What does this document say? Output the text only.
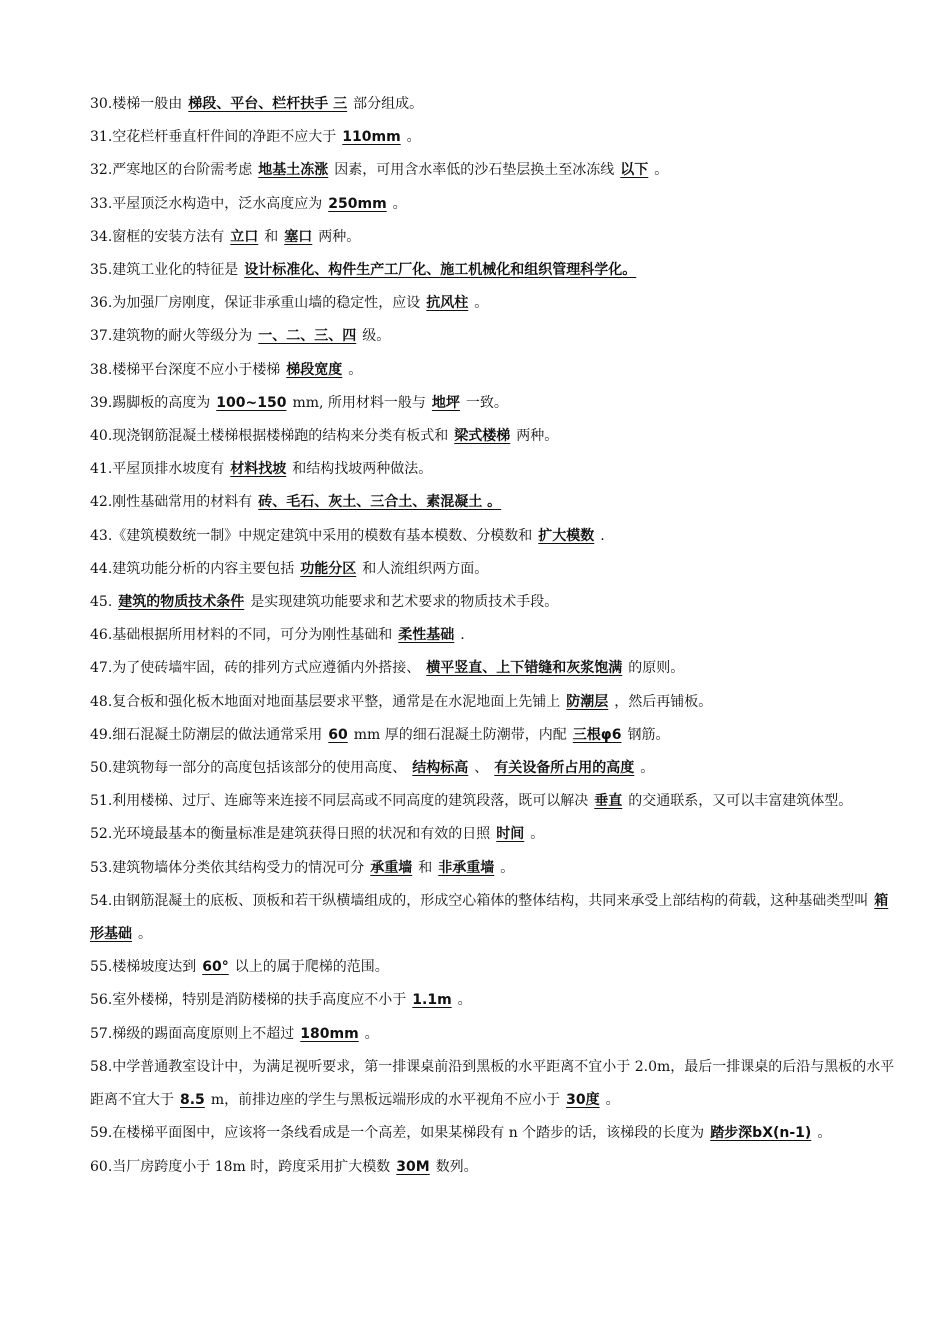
30.楼梯一般由 梯段、平台、栏杆扶手 三 部分组成。
31.空花栏杆垂直杆件间的净距不应大于 110mm 。
32.严寒地区的台阶需考虑 地基土冻涨 因素，可用含水率低的沙石垫层换土至冰冻线 以下 。
33.平屋顶泛水构造中，泛水高度应为 250mm 。
34.窗框的安装方法有 立口 和 塞口 两种。
35.建筑工业化的特征是 设计标准化、构件生产工厂化、施工机械化和组织管理科学化。
36.为加强厂房刚度，保证非承重山墙的稳定性，应设 抗风柱 。
37.建筑物的耐火等级分为 一、二、三、四 级。
38.楼梯平台深度不应小于楼梯 梯段宽度 。
39.踢脚板的高度为 100~150 mm, 所用材料一般与 地坪 一致。
40.现浇钢筋混凝土楼梯根据楼梯跑的结构来分类有板式和 梁式楼梯 两种。
41.平屋顶排水坡度有 材料找坡 和结构找坡两种做法。
42.刚性基础常用的材料有 砖、毛石、灰土、三合土、素混凝土 。
43.《建筑模数统一制》中规定建筑中采用的模数有基本模数、分模数和 扩大模数 .
44.建筑功能分析的内容主要包括 功能分区 和人流组织两方面。
45. 建筑的物质技术条件 是实现建筑功能要求和艺术要求的物质技术手段。
46.基础根据所用材料的不同，可分为刚性基础和 柔性基础 .
47.为了使砖墙牢固，砖的排列方式应遵循内外搭接、 横平竖直、上下错缝和灰浆饱满 的原则。
48.复合板和强化板木地面对地面基层要求平整，通常是在水泥地面上先铺上 防潮层 ，然后再铺板。
49.细石混凝土防潮层的做法通常采用 60 mm 厚的细石混凝土防潮带，内配 三根φ6 钢筋。
50.建筑物每一部分的高度包括该部分的使用高度、 结构标高 、 有关设备所占用的高度 。
51.利用楼梯、过厅、连廊等来连接不同层高或不同高度的建筑段落，既可以解决 垂直 的交通联系，又可以丰富建筑体型。
52.光环境最基本的衡量标准是建筑获得日照的状况和有效的日照 时间 。
53.建筑物墙体分类依其结构受力的情况可分 承重墙 和 非承重墙 。
54.由钢筋混凝土的底板、顶板和若干纵横墙组成的，形成空心箱体的整体结构，共同来承受上部结构的荷载，这种基础类型叫 箱形基础 。
55.楼梯坡度达到 60° 以上的属于爬梯的范围。
56.室外楼梯，特别是消防楼梯的扶手高度应不小于 1.1m 。
57.梯级的踢面高度原则上不超过 180mm 。
58.中学普通教室设计中，为满足视听要求，第一排课桌前沿到黑板的水平距离不宜小于 2.0m，最后一排课桌的后沿与黑板的水平距离不宜大于 8.5 m，前排边座的学生与黑板远端形成的水平视角不应小于 30度 。
59.在楼梯平面图中，应该将一条线看成是一个高差，如果某梯段有 n 个踏步的话，该梯段的长度为 踏步深bX(n-1) 。
60.当厂房跨度小于 18m 时，跨度采用扩大模数 30M 数列。
